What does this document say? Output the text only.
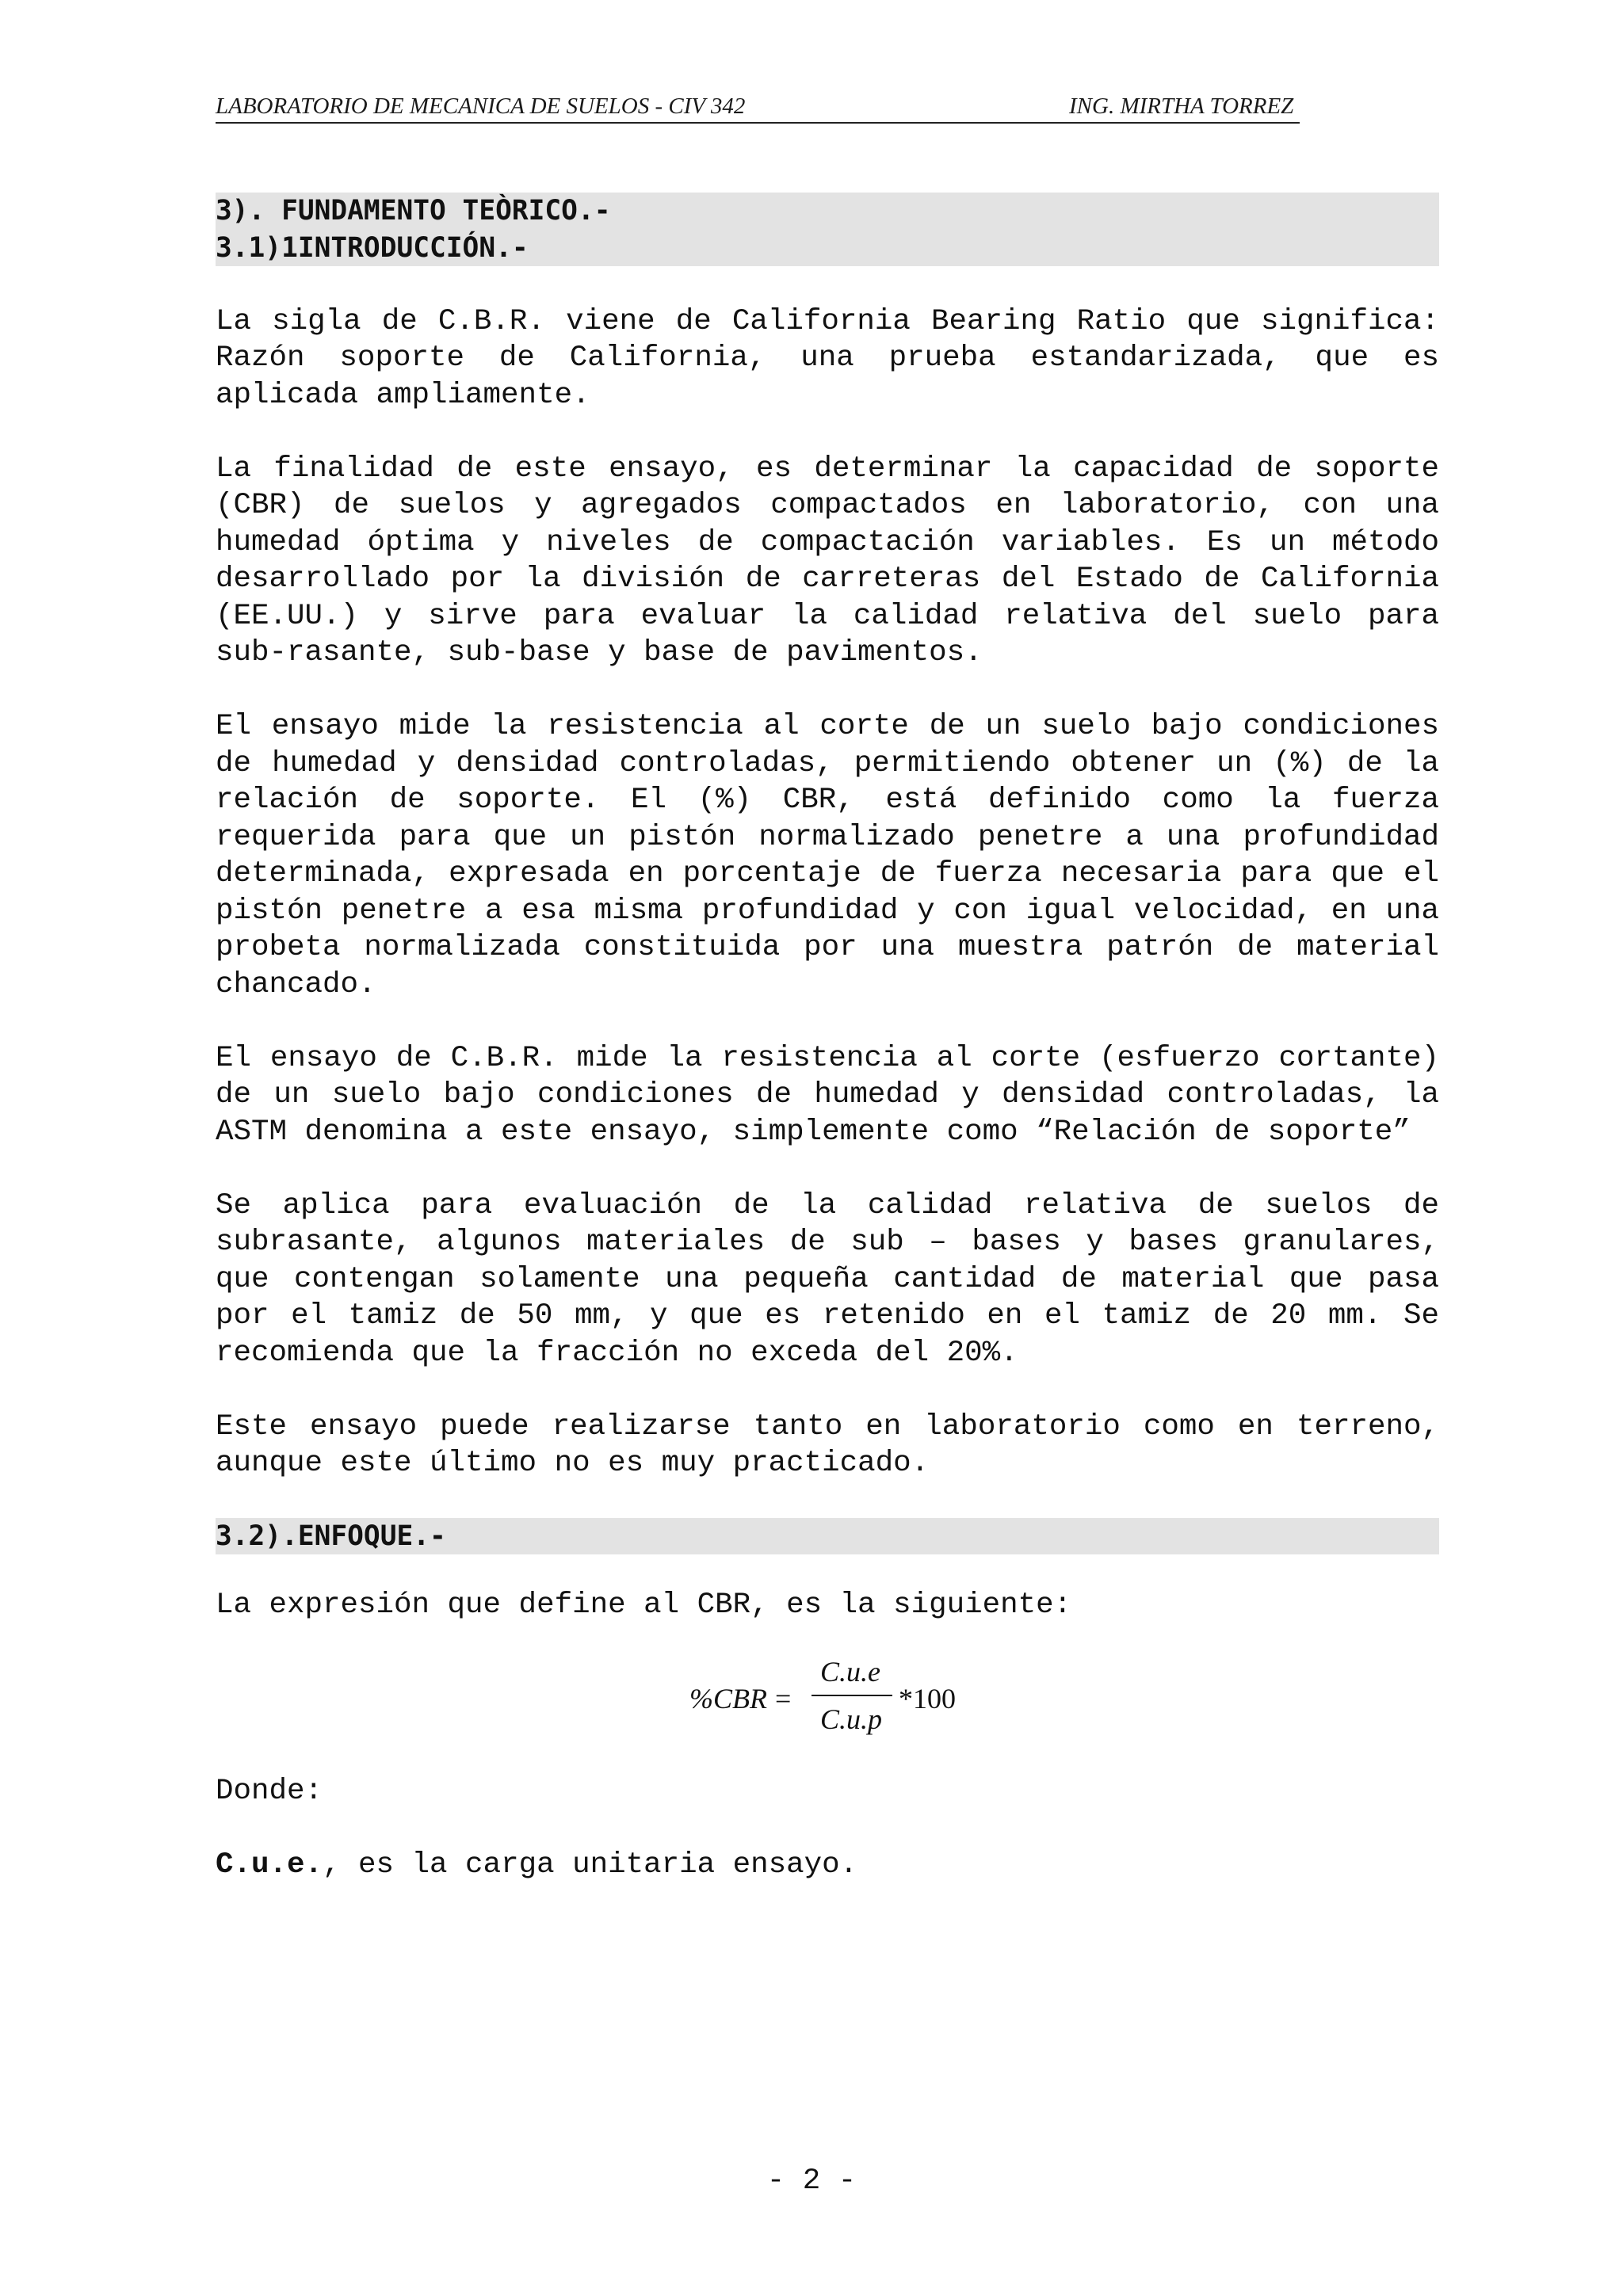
LABORATORIO DE MECANICA DE SUELOS - CIV 342	ING. MIRTHA TORREZ
3). FUNDAMENTO TEÒRICO.-
3.1)1INTRODUCCIÓN.-

La sigla de C.B.R. viene de California Bearing Ratio que significa: Razón soporte de California, una prueba estandarizada, que es aplicada ampliamente.

La finalidad de este ensayo, es determinar la capacidad de soporte (CBR) de suelos y agregados compactados en laboratorio, con una humedad óptima y niveles de compactación variables. Es un método desarrollado por la división de carreteras del Estado de California (EE.UU.) y sirve para evaluar la calidad relativa del suelo para sub-rasante, sub-base y base de pavimentos.

El ensayo mide la resistencia al corte de un suelo bajo condiciones de humedad y densidad controladas, permitiendo obtener un (%) de la relación de soporte. El (%) CBR, está definido como la fuerza requerida para que un pistón normalizado penetre a una profundidad determinada, expresada en porcentaje de fuerza necesaria para que el pistón penetre a esa misma profundidad y con igual velocidad, en una probeta normalizada constituida por una muestra patrón de material chancado.

El ensayo de C.B.R. mide la resistencia al corte (esfuerzo cortante) de un suelo bajo condiciones de humedad y densidad controladas, la ASTM denomina a este ensayo, simplemente como “Relación de soporte”

Se aplica para evaluación de la calidad relativa de suelos de subrasante, algunos materiales de sub – bases y bases granulares, que contengan solamente una pequeña cantidad de material que pasa por el tamiz de 50 mm, y que es retenido en el tamiz de 20 mm. Se recomienda que la fracción no exceda del 20%.

Este ensayo puede realizarse tanto en laboratorio como en terreno, aunque este último no es muy practicado.

3.2).ENFOQUE.-

La expresión que define al CBR, es la siguiente:

%CBR =
C.u.e
C.u.p
*100

Donde:

C.u.e., es la carga unitaria ensayo.

- 2 -
